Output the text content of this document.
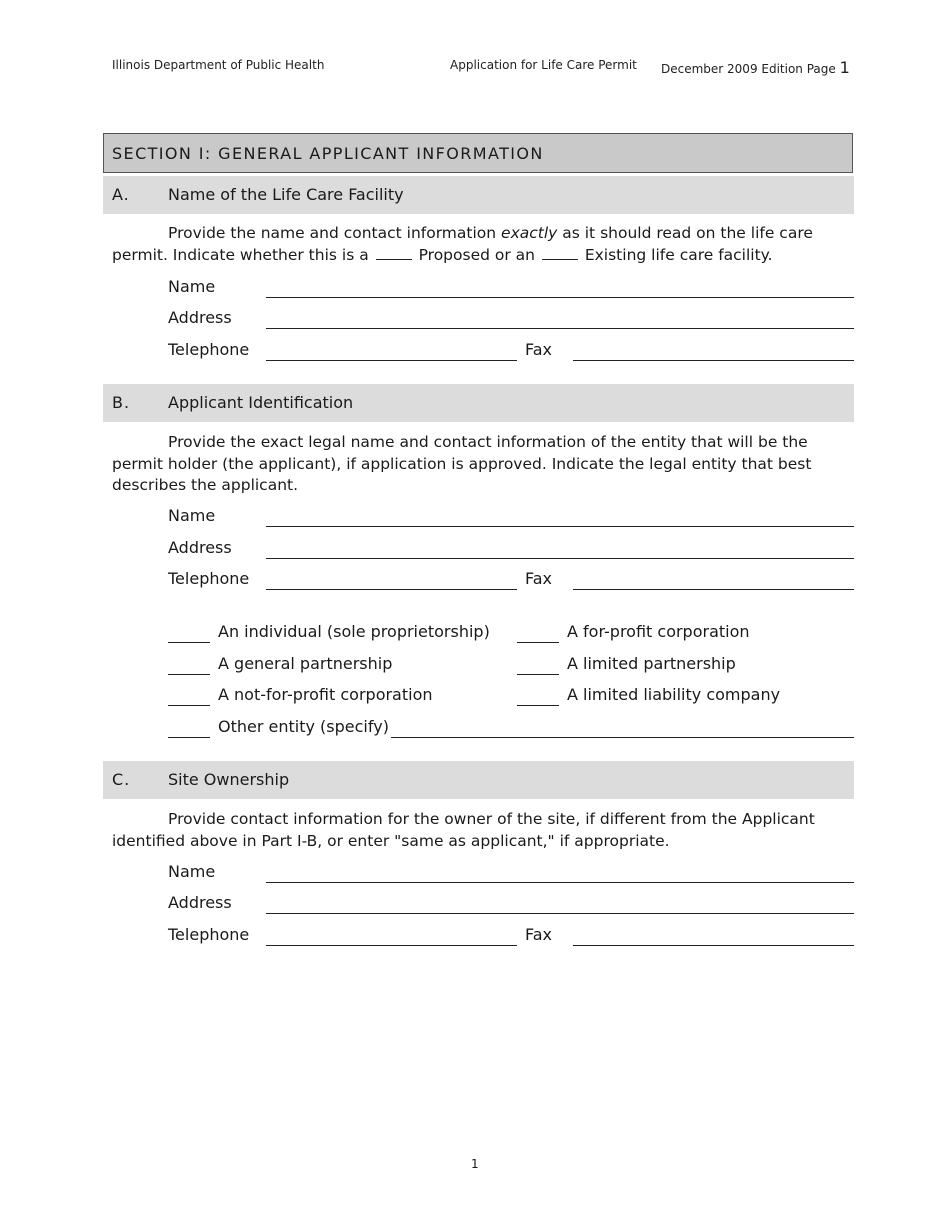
Illinois Department of Public Health	Application for Life Care Permit December 2009 Edition Page 1
SECTION I: GENERAL APPLICANT INFORMATION
A. Name of the Life Care Facility
Provide the name and contact information exactly as it should read on the life care permit. Indicate whether this is a	Proposed or an	Existing life care facility.
Name
Address
Telephone	Fax
B. Applicant Identification
Provide the exact legal name and contact information of the entity that will be the permit holder (the applicant), if application is approved. Indicate the legal entity that best describes the applicant.
Name
Address
Telephone	Fax
An individual (sole proprietorship)	A for-profit corporation
A general partnership	A limited partnership
A not-for-profit corporation	A limited liability company
Other entity (specify)
C. Site Ownership
Provide contact information for the owner of the site, if different from the Applicant identified above in Part I-B, or enter "same as applicant," if appropriate.
Name
Address
Telephone	Fax
1
